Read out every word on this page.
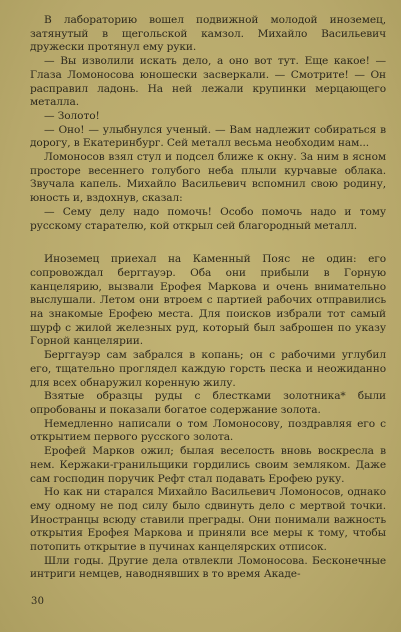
В лабораторию вошел подвижной молодой иноземец, затянутый в щегольской камзол. Михайло Васильевич дружески протянул ему руки.

— Вы изволили искать дело, а оно вот тут. Еще какое! — Глаза Ломоносова юношески засверкали. — Смотрите! — Он расправил ладонь. На ней лежали крупинки мерцающего металла.

— Золото!

— Оно! — улыбнулся ученый. — Вам надлежит собираться в дорогу, в Екатеринбург. Сей металл весьма необходим нам...

Ломоносов взял стул и подсел ближе к окну. За ним в ясном просторе весеннего голубого неба плыли курчавые облака. Звучала капель. Михайло Васильевич вспомнил свою родину, юность и, вздохнув, сказал:

— Сему делу надо помочь! Особо помочь надо и тому русскому старателю, кой открыл сей благородный металл.

Иноземец приехал на Каменный Пояс не один: его сопровождал берггауэр. Оба они прибыли в Горную канцелярию, вызвали Ерофея Маркова и очень внимательно выслушали. Летом они втроем с партией рабочих отправились на знакомые Ерофею места. Для поисков избрали тот самый шурф с жилой железных руд, который был заброшен по указу Горной канцелярии.

Берггауэр сам забрался в копань; он с рабочими углубил его, тщательно проглядел каждую горсть песка и неожиданно для всех обнаружил коренную жилу.

Взятые образцы руды с блестками золотника* были опробованы и показали богатое содержание золота.

Немедленно написали о том Ломоносову, поздравляя его с открытием первого русского золота.

Ерофей Марков ожил; былая веселость вновь воскресла в нем. Кержаки-гранильщики гордились своим земляком. Даже сам господин поручик Рефт стал подавать Ерофею руку.

Но как ни старался Михайло Васильевич Ломоносов, однако ему одному не под силу было сдвинуть дело с мертвой точки. Иностранцы всюду ставили преграды. Они понимали важность открытия Ерофея Маркова и приняли все меры к тому, чтобы потопить открытие в пучинах канцелярских отписок.

Шли годы. Другие дела отвлекли Ломоносова. Бесконечные интриги немцев, наводнявших в то время Акаде-

30
